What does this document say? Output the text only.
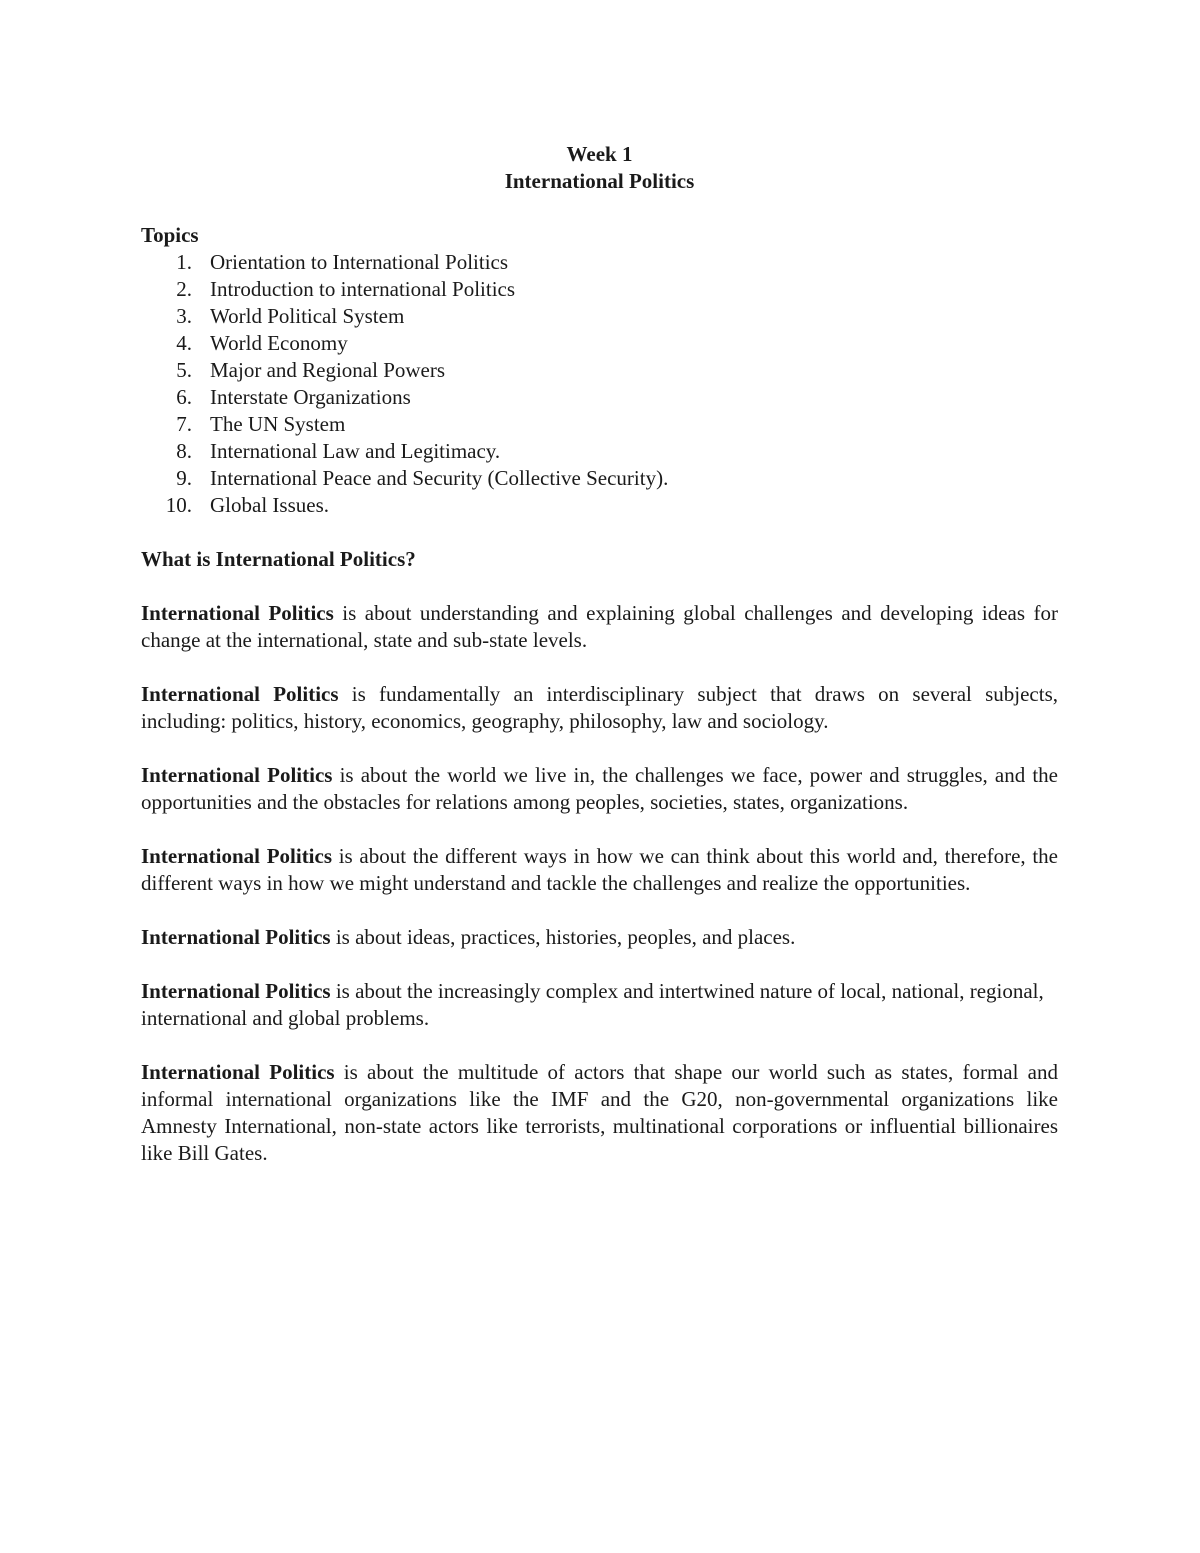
Week 1
International Politics
Topics
1. Orientation to International Politics
2. Introduction to international Politics
3. World Political System
4. World Economy
5. Major and Regional Powers
6. Interstate Organizations
7. The UN System
8. International Law and Legitimacy.
9. International Peace and Security (Collective Security).
10. Global Issues.
What is International Politics?

International Politics is about understanding and explaining global challenges and developing ideas for change at the international, state and sub-state levels.

International Politics is fundamentally an interdisciplinary subject that draws on several subjects, including: politics, history, economics, geography, philosophy, law and sociology.

International Politics is about the world we live in, the challenges we face, power and struggles, and the opportunities and the obstacles for relations among peoples, societies, states, organizations.

International Politics is about the different ways in how we can think about this world and, therefore, the different ways in how we might understand and tackle the challenges and realize the opportunities.

International Politics is about ideas, practices, histories, peoples, and places.

International Politics is about the increasingly complex and intertwined nature of local, national, regional, international and global problems.

International Politics is about the multitude of actors that shape our world such as states, formal and informal international organizations like the IMF and the G20, non-governmental organizations like Amnesty International, non-state actors like terrorists, multinational corporations or influential billionaires like Bill Gates.
